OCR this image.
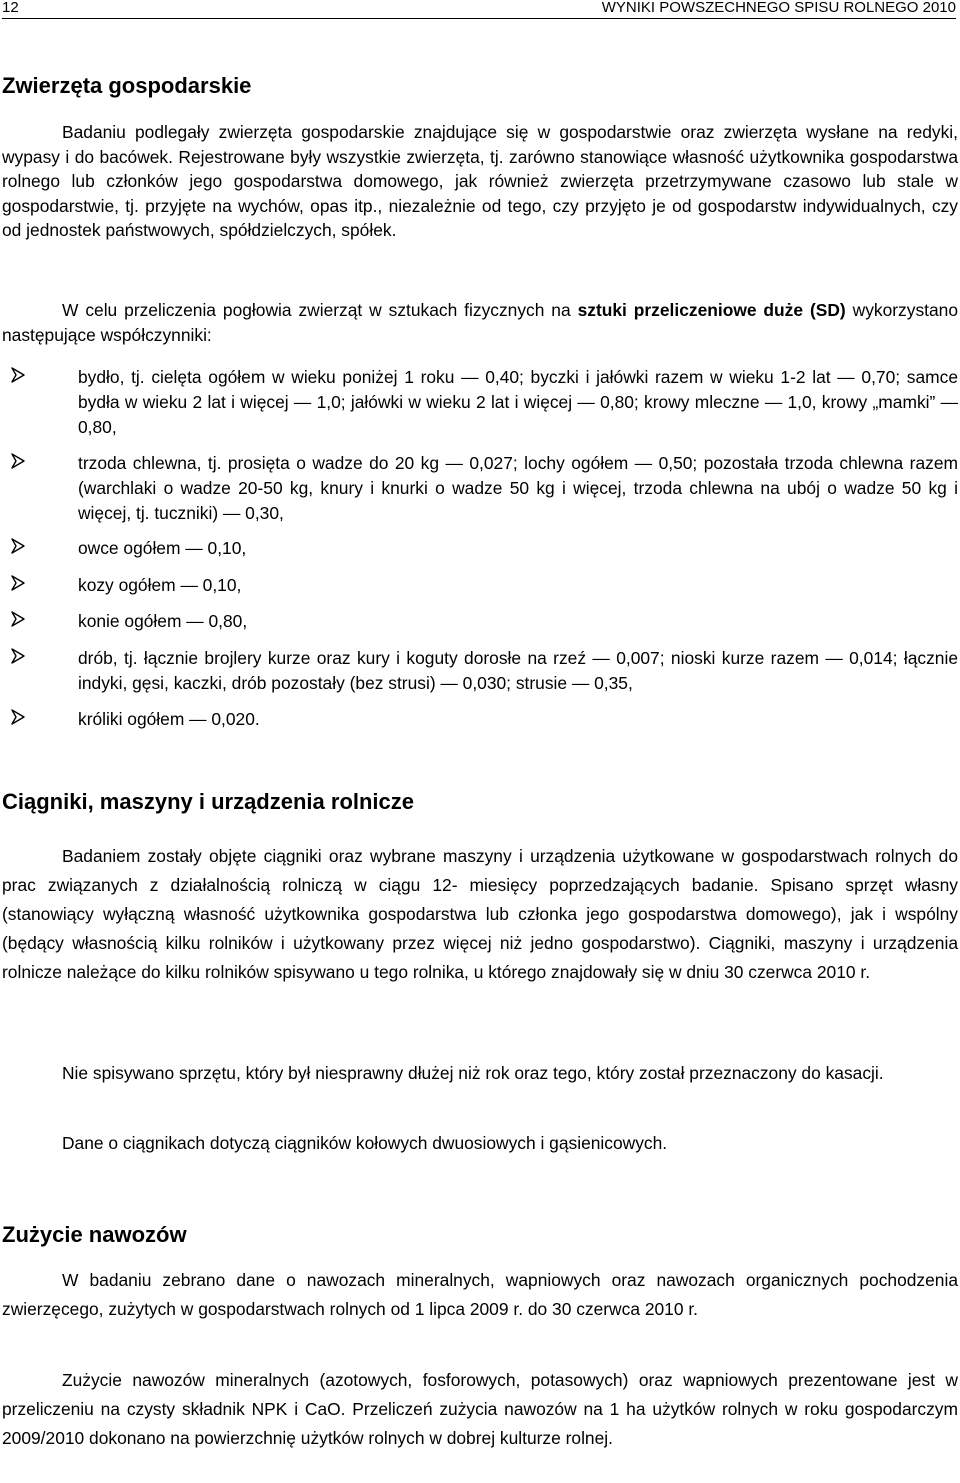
12	WYNIKI POWSZECHNEGO SPISU ROLNEGO 2010
Zwierzęta gospodarskie

Badaniu podlegały zwierzęta gospodarskie znajdujące się w gospodarstwie oraz zwierzęta wysłane na redyki, wypasy i do bacówek. Rejestrowane były wszystkie zwierzęta, tj. zarówno stanowiące własność użytkownika gospodarstwa rolnego lub członków jego gospodarstwa domowego, jak również zwierzęta przetrzymywane czasowo lub stale w gospodarstwie, tj. przyjęte na wychów, opas itp., niezależnie od tego, czy przyjęto je od gospodarstw indywidualnych, czy od jednostek państwowych, spółdzielczych, spółek.

W celu przeliczenia pogłowia zwierząt w sztukach fizycznych na sztuki przeliczeniowe duże (SD) wykorzystano następujące współczynniki:

bydło, tj. cielęta ogółem w wieku poniżej 1 roku — 0,40; byczki i jałówki razem w wieku 1-2 lat — 0,70; samce bydła w wieku 2 lat i więcej — 1,0; jałówki w wieku 2 lat i więcej — 0,80; krowy mleczne — 1,0, krowy „mamki” — 0,80,

trzoda chlewna, tj. prosięta o wadze do 20 kg — 0,027; lochy ogółem — 0,50; pozostała trzoda chlewna razem (warchlaki o wadze 20-50 kg, knury i knurki o wadze 50 kg i więcej, trzoda chlewna na ubój o wadze 50 kg i więcej, tj. tuczniki) — 0,30,

owce ogółem — 0,10,

kozy ogółem — 0,10,

konie ogółem — 0,80,

drób, tj. łącznie brojlery kurze oraz kury i koguty dorosłe na rzeź — 0,007; nioski kurze razem — 0,014; łącznie indyki, gęsi, kaczki, drób pozostały (bez strusi) — 0,030; strusie — 0,35,

króliki ogółem — 0,020.

Ciągniki, maszyny i urządzenia rolnicze

Badaniem zostały objęte ciągniki oraz wybrane maszyny i urządzenia użytkowane w gospodarstwach rolnych do prac związanych z działalnością rolniczą w ciągu 12- miesięcy poprzedzających badanie. Spisano sprzęt własny (stanowiący wyłączną własność użytkownika gospodarstwa lub członka jego gospodarstwa domowego), jak i wspólny (będący własnością kilku rolników i użytkowany przez więcej niż jedno gospodarstwo). Ciągniki, maszyny i urządzenia rolnicze należące do kilku rolników spisywano u tego rolnika, u którego znajdowały się w dniu 30 czerwca 2010 r.

Nie spisywano sprzętu, który był niesprawny dłużej niż rok oraz tego, który został przeznaczony do kasacji.

Dane o ciągnikach dotyczą ciągników kołowych dwuosiowych i gąsienicowych.

Zużycie nawozów

W badaniu zebrano dane o nawozach mineralnych, wapniowych oraz nawozach organicznych pochodzenia zwierzęcego, zużytych w gospodarstwach rolnych od 1 lipca 2009 r. do 30 czerwca 2010 r.

Zużycie nawozów mineralnych (azotowych, fosforowych, potasowych) oraz wapniowych prezentowane jest w przeliczeniu na czysty składnik NPK i CaO. Przeliczeń zużycia nawozów na 1 ha użytków rolnych w roku gospodarczym 2009/2010 dokonano na powierzchnię użytków rolnych w dobrej kulturze rolnej.
